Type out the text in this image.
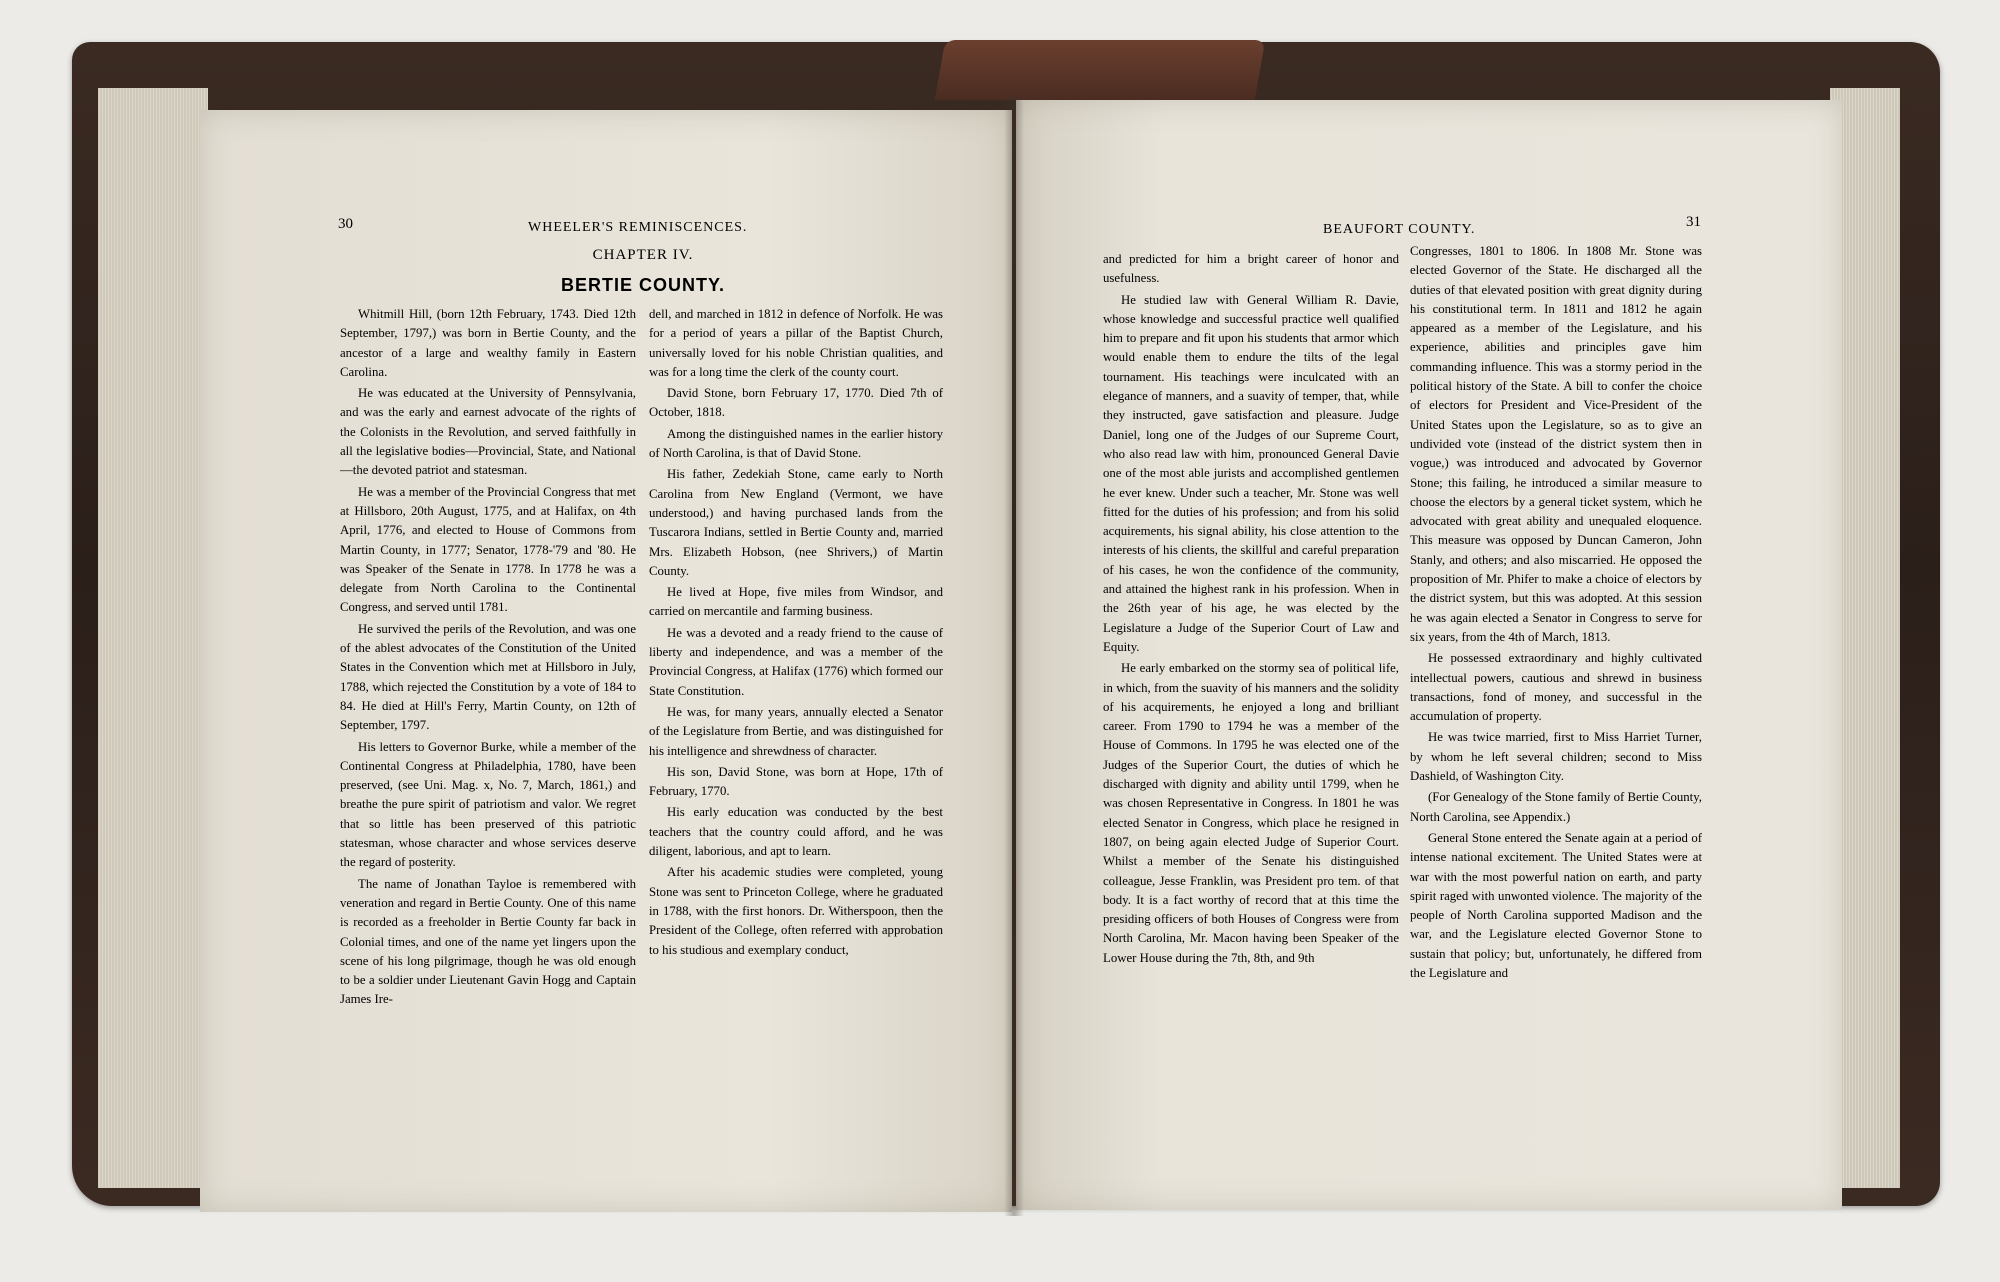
30	WHEELER'S REMINISCENCES.
CHAPTER IV.
BERTIE COUNTY.

Whitmill Hill, (born 12th February, 1743. Died 12th September, 1797,) was born in Bertie County, and the ancestor of a large and wealthy family in Eastern Carolina.

He was educated at the University of Pennsylvania, and was the early and earnest advocate of the rights of the Colonists in the Revolution, and served faithfully in all the legislative bodies—Provincial, State, and National—the devoted patriot and statesman.

He was a member of the Provincial Congress that met at Hillsboro, 20th August, 1775, and at Halifax, on 4th April, 1776, and elected to House of Commons from Martin County, in 1777; Senator, 1778-'79 and '80. He was Speaker of the Senate in 1778. In 1778 he was a delegate from North Carolina to the Continental Congress, and served until 1781.

He survived the perils of the Revolution, and was one of the ablest advocates of the Constitution of the United States in the Convention which met at Hillsboro in July, 1788, which rejected the Constitution by a vote of 184 to 84. He died at Hill's Ferry, Martin County, on 12th of September, 1797.

His letters to Governor Burke, while a member of the Continental Congress at Philadelphia, 1780, have been preserved, (see Uni. Mag. x, No. 7, March, 1861,) and breathe the pure spirit of patriotism and valor. We regret that so little has been preserved of this patriotic statesman, whose character and whose services deserve the regard of posterity.

The name of Jonathan Tayloe is remembered with veneration and regard in Bertie County. One of this name is recorded as a freeholder in Bertie County far back in Colonial times, and one of the name yet lingers upon the scene of his long pilgrimage, though he was old enough to be a soldier under Lieutenant Gavin Hogg and Captain James Ire-

dell, and marched in 1812 in defence of Norfolk. He was for a period of years a pillar of the Baptist Church, universally loved for his noble Christian qualities, and was for a long time the clerk of the county court.

David Stone, born February 17, 1770. Died 7th of October, 1818.

Among the distinguished names in the earlier history of North Carolina, is that of David Stone.

His father, Zedekiah Stone, came early to North Carolina from New England (Vermont, we have understood,) and having purchased lands from the Tuscarora Indians, settled in Bertie County and, married Mrs. Elizabeth Hobson, (nee Shrivers,) of Martin County.

He lived at Hope, five miles from Windsor, and carried on mercantile and farming business.

He was a devoted and a ready friend to the cause of liberty and independence, and was a member of the Provincial Congress, at Halifax (1776) which formed our State Constitution.

He was, for many years, annually elected a Senator of the Legislature from Bertie, and was distinguished for his intelligence and shrewdness of character.

His son, David Stone, was born at Hope, 17th of February, 1770.

His early education was conducted by the best teachers that the country could afford, and he was diligent, laborious, and apt to learn.

After his academic studies were completed, young Stone was sent to Princeton College, where he graduated in 1788, with the first honors. Dr. Witherspoon, then the President of the College, often referred with approbation to his studious and exemplary conduct,

BEAUFORT COUNTY.	31

and predicted for him a bright career of honor and usefulness.

He studied law with General William R. Davie, whose knowledge and successful practice well qualified him to prepare and fit upon his students that armor which would enable them to endure the tilts of the legal tournament. His teachings were inculcated with an elegance of manners, and a suavity of temper, that, while they instructed, gave satisfaction and pleasure. Judge Daniel, long one of the Judges of our Supreme Court, who also read law with him, pronounced General Davie one of the most able jurists and accomplished gentlemen he ever knew. Under such a teacher, Mr. Stone was well fitted for the duties of his profession; and from his solid acquirements, his signal ability, his close attention to the interests of his clients, the skillful and careful preparation of his cases, he won the confidence of the community, and attained the highest rank in his profession. When in the 26th year of his age, he was elected by the Legislature a Judge of the Superior Court of Law and Equity.

He early embarked on the stormy sea of political life, in which, from the suavity of his manners and the solidity of his acquirements, he enjoyed a long and brilliant career. From 1790 to 1794 he was a member of the House of Commons. In 1795 he was elected one of the Judges of the Superior Court, the duties of which he discharged with dignity and ability until 1799, when he was chosen Representative in Congress. In 1801 he was elected Senator in Congress, which place he resigned in 1807, on being again elected Judge of Superior Court. Whilst a member of the Senate his distinguished colleague, Jesse Franklin, was President pro tem. of that body. It is a fact worthy of record that at this time the presiding officers of both Houses of Congress were from North Carolina, Mr. Macon having been Speaker of the Lower House during the 7th, 8th, and 9th

Congresses, 1801 to 1806. In 1808 Mr. Stone was elected Governor of the State. He discharged all the duties of that elevated position with great dignity during his constitutional term. In 1811 and 1812 he again appeared as a member of the Legislature, and his experience, abilities and principles gave him commanding influence. This was a stormy period in the political history of the State. A bill to confer the choice of electors for President and Vice-President of the United States upon the Legislature, so as to give an undivided vote (instead of the district system then in vogue,) was introduced and advocated by Governor Stone; this failing, he introduced a similar measure to choose the electors by a general ticket system, which he advocated with great ability and unequaled eloquence. This measure was opposed by Duncan Cameron, John Stanly, and others; and also miscarried. He opposed the proposition of Mr. Phifer to make a choice of electors by the district system, but this was adopted. At this session he was again elected a Senator in Congress to serve for six years, from the 4th of March, 1813.

He possessed extraordinary and highly cultivated intellectual powers, cautious and shrewd in business transactions, fond of money, and successful in the accumulation of property.

He was twice married, first to Miss Harriet Turner, by whom he left several children; second to Miss Dashield, of Washington City.

(For Genealogy of the Stone family of Bertie County, North Carolina, see Appendix.)

General Stone entered the Senate again at a period of intense national excitement. The United States were at war with the most powerful nation on earth, and party spirit raged with unwonted violence. The majority of the people of North Carolina supported Madison and the war, and the Legislature elected Governor Stone to sustain that policy; but, unfortunately, he differed from the Legislature and
